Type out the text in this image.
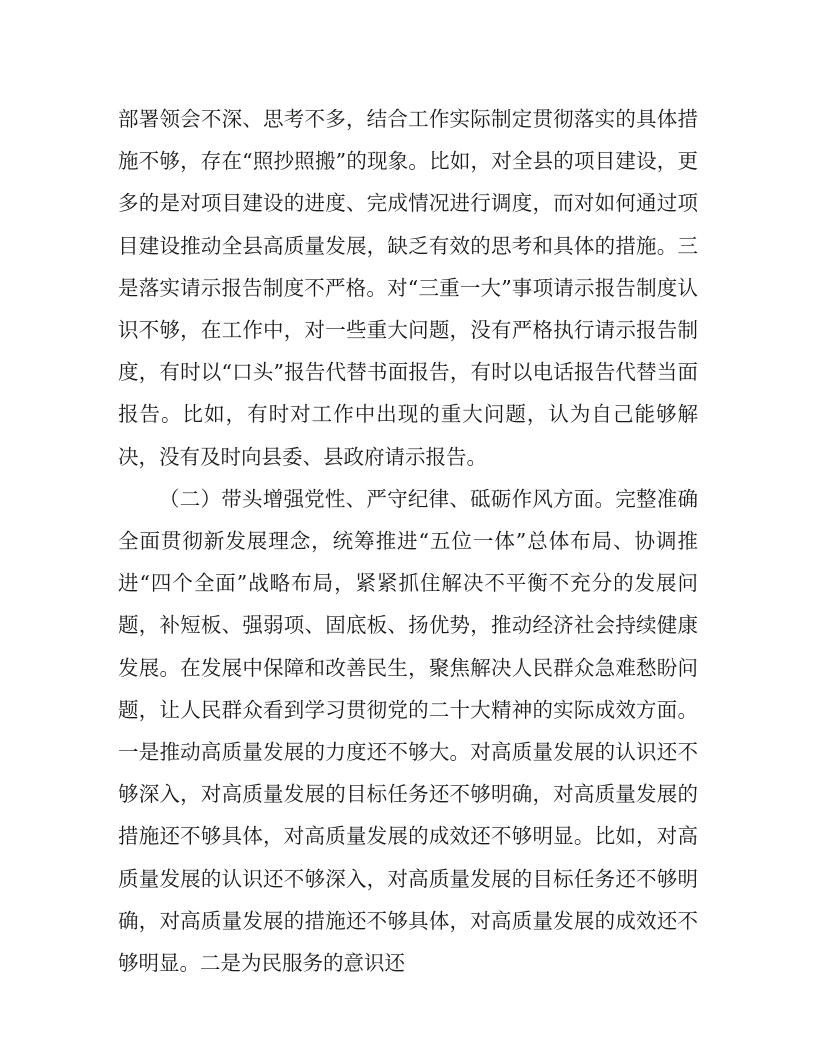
部署领会不深、思考不多，结合工作实际制定贯彻落实的具体措施不够，存在“照抄照搬”的现象。比如，对全县的项目建设，更多的是对项目建设的进度、完成情况进行调度，而对如何通过项目建设推动全县高质量发展，缺乏有效的思考和具体的措施。三是落实请示报告制度不严格。对“三重一大”事项请示报告制度认识不够，在工作中，对一些重大问题，没有严格执行请示报告制度，有时以“口头”报告代替书面报告，有时以电话报告代替当面报告。比如，有时对工作中出现的重大问题，认为自己能够解决，没有及时向县委、县政府请示报告。

（二）带头增强党性、严守纪律、砥砺作风方面。完整准确全面贯彻新发展理念，统筹推进“五位一体”总体布局、协调推进“四个全面”战略布局，紧紧抓住解决不平衡不充分的发展问题，补短板、强弱项、固底板、扬优势，推动经济社会持续健康发展。在发展中保障和改善民生，聚焦解决人民群众急难愁盼问题，让人民群众看到学习贯彻党的二十大精神的实际成效方面。一是推动高质量发展的力度还不够大。对高质量发展的认识还不够深入，对高质量发展的目标任务还不够明确，对高质量发展的措施还不够具体，对高质量发展的成效还不够明显。比如，对高质量发展的认识还不够深入，对高质量发展的目标任务还不够明确，对高质量发展的措施还不够具体，对高质量发展的成效还不够明显。二是为民服务的意识还
